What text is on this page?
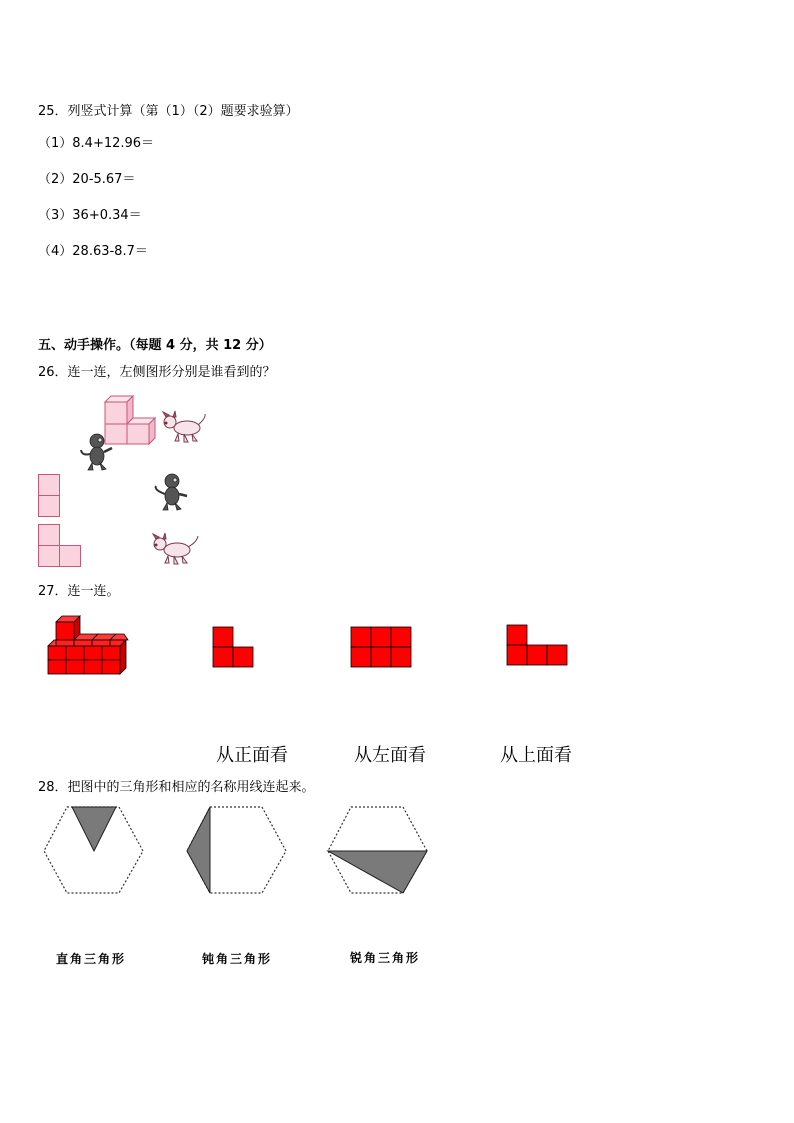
25．列竖式计算（第（1）（2）题要求验算）
（1）8.4+12.96＝
（2）20-5.67＝
（3）36+0.34＝
（4）28.63-8.7＝
五、动手操作。（每题 4 分，共 12 分）
26．连一连，左侧图形分别是谁看到的？
27．连一连。
从正面看	从左面看	从上面看
28．把图中的三角形和相应的名称用线连起来。
直角三角形	钝角三角形	锐角三角形
